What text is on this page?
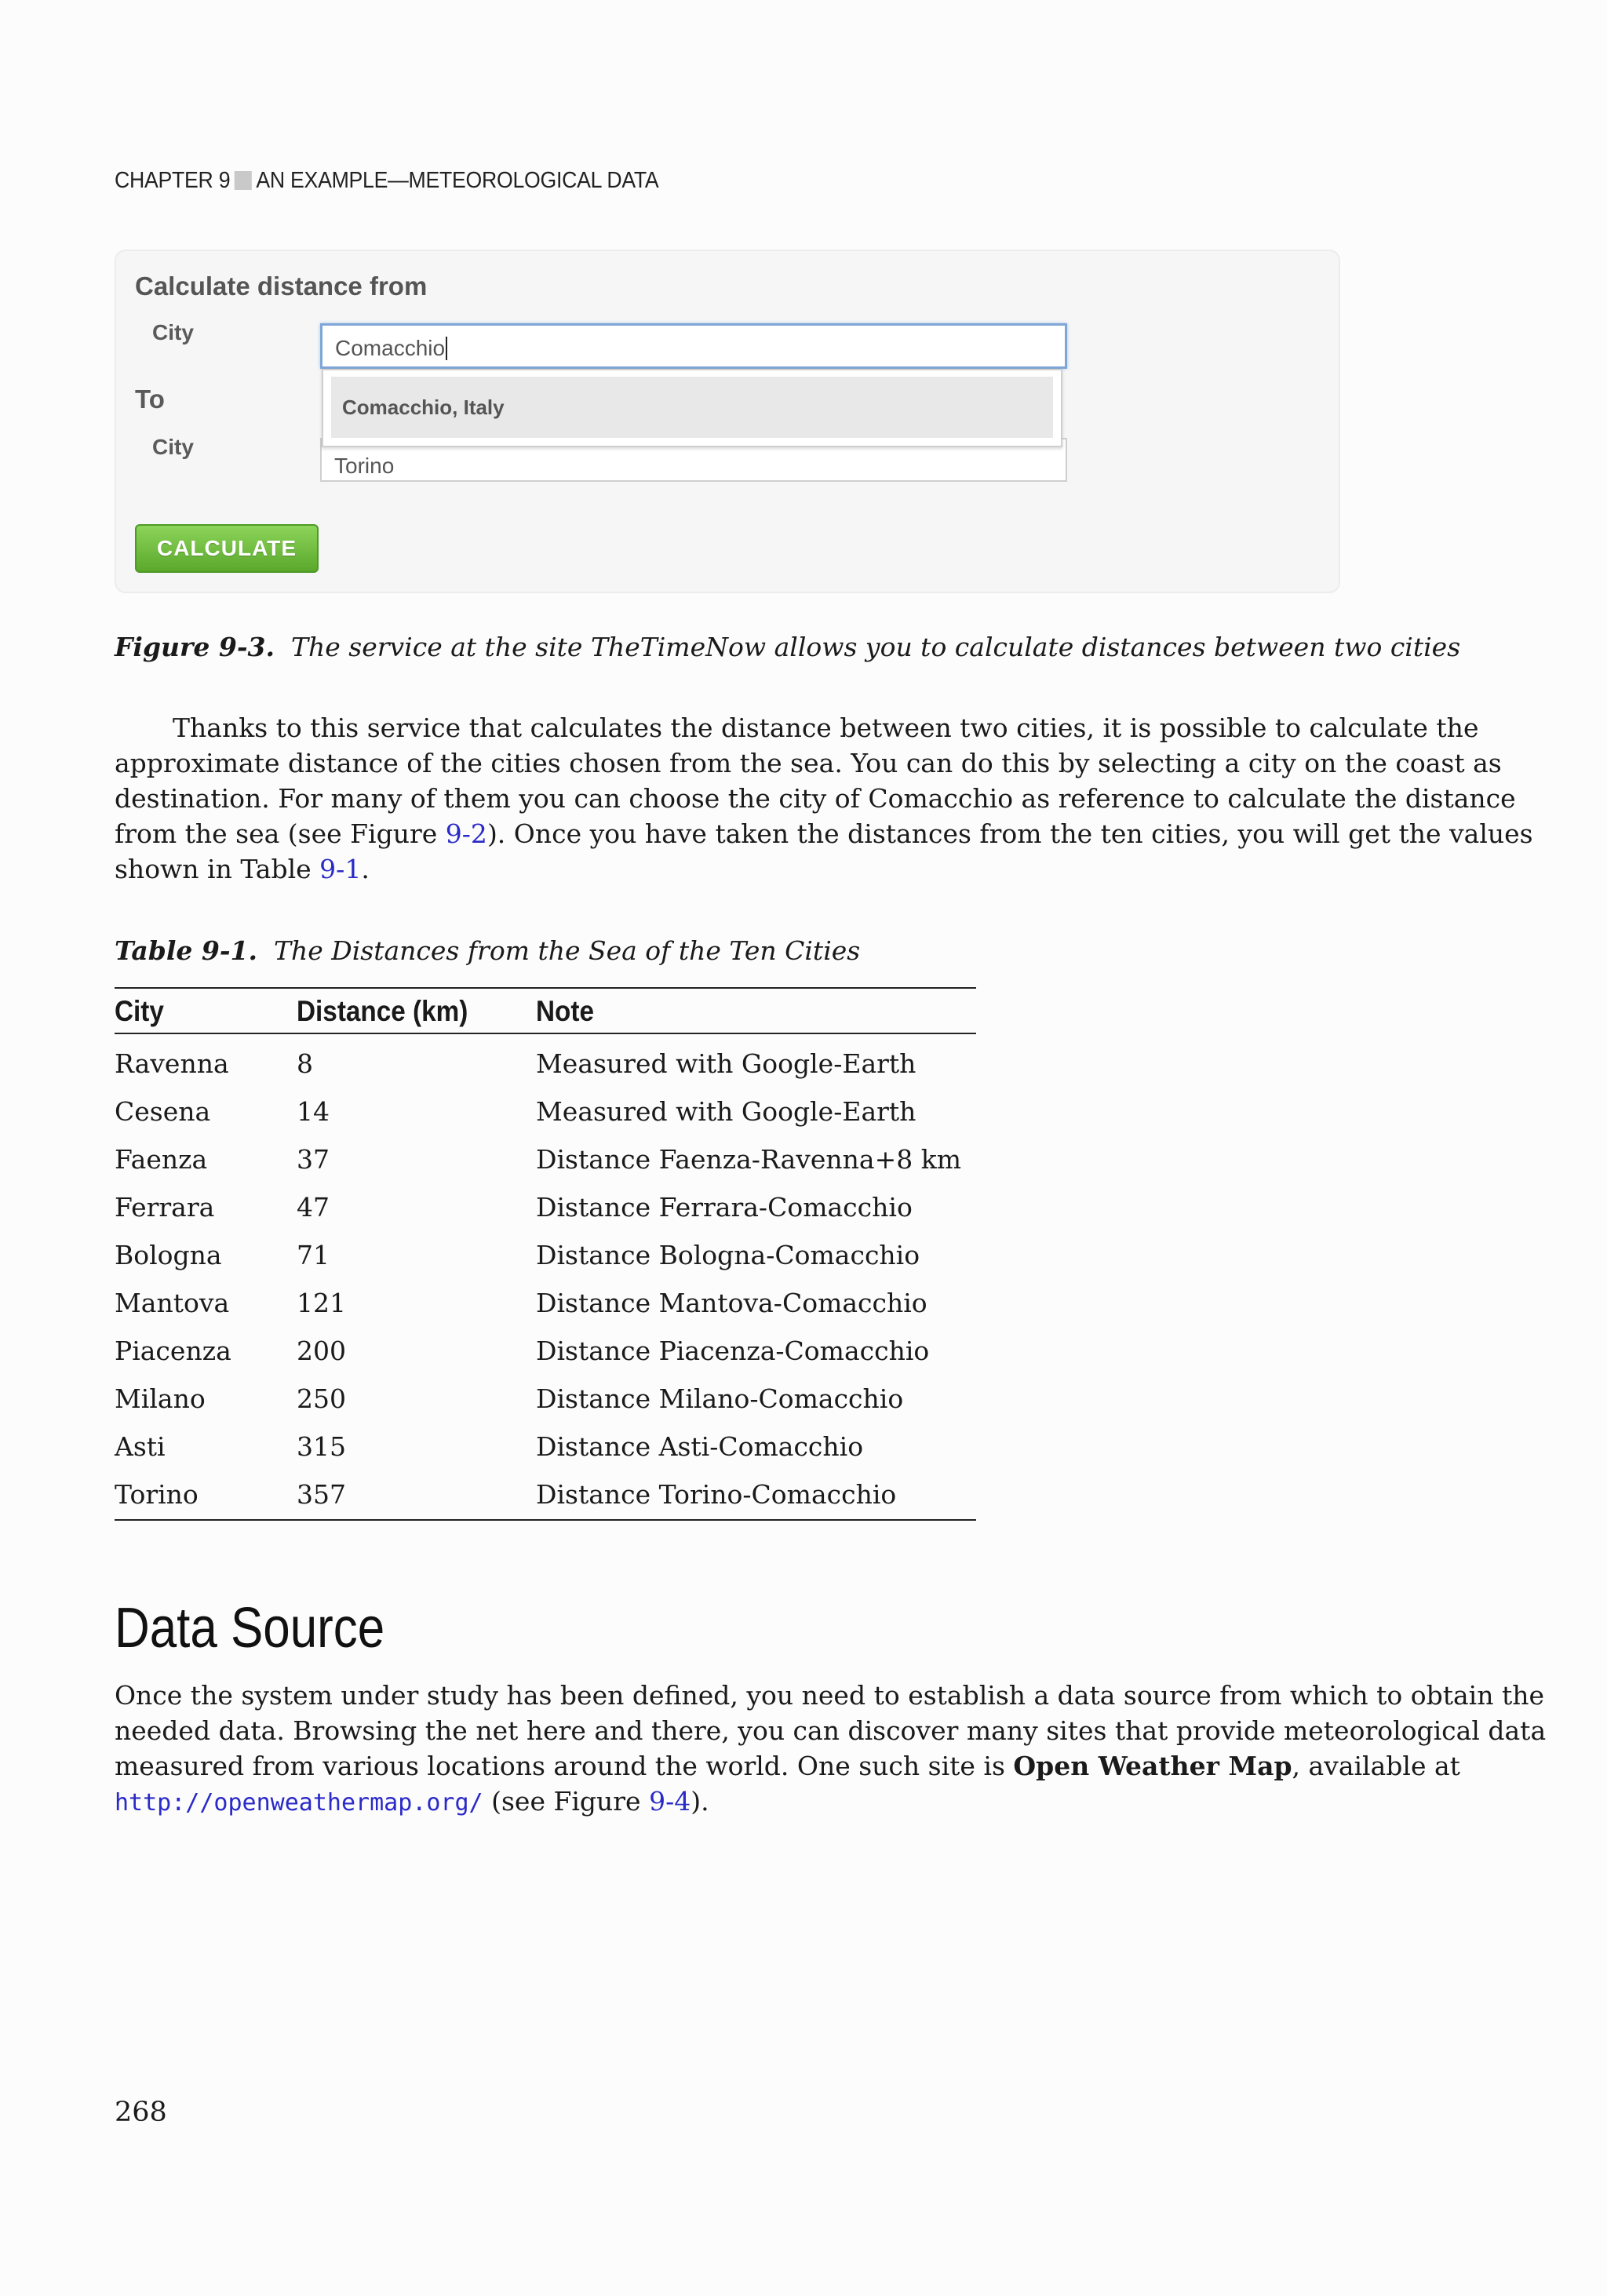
CHAPTER 9 AN EXAMPLE—METEOROLOGICAL DATA
Calculate distance from
City
Comacchio
To
City
Torino
Comacchio, Italy
CALCULATE
Figure 9-3. The service at the site TheTimeNow allows you to calculate distances between two cities
Thanks to this service that calculates the distance between two cities, it is possible to calculate the
approximate distance of the cities chosen from the sea. You can do this by selecting a city on the coast as
destination. For many of them you can choose the city of Comacchio as reference to calculate the distance
from the sea (see Figure 9-2). Once you have taken the distances from the ten cities, you will get the values
shown in Table 9-1.
Table 9-1. The Distances from the Sea of the Ten Cities
City	Distance (km) Note
Ravenna	8	Measured with Google-Earth
Cesena	14	Measured with Google-Earth
Faenza	37	Distance Faenza-Ravenna+8 km
Ferrara	47	Distance Ferrara-Comacchio
Bologna	71	Distance Bologna-Comacchio
Mantova	121	Distance Mantova-Comacchio
Piacenza	200	Distance Piacenza-Comacchio
Milano	250	Distance Milano-Comacchio
Asti	315	Distance Asti-Comacchio
Torino	357	Distance Torino-Comacchio
Data Source
Once the system under study has been defined, you need to establish a data source from which to obtain the
needed data. Browsing the net here and there, you can discover many sites that provide meteorological data
measured from various locations around the world. One such site is Open Weather Map, available at
http://openweathermap.org/ (see Figure 9-4).
268
